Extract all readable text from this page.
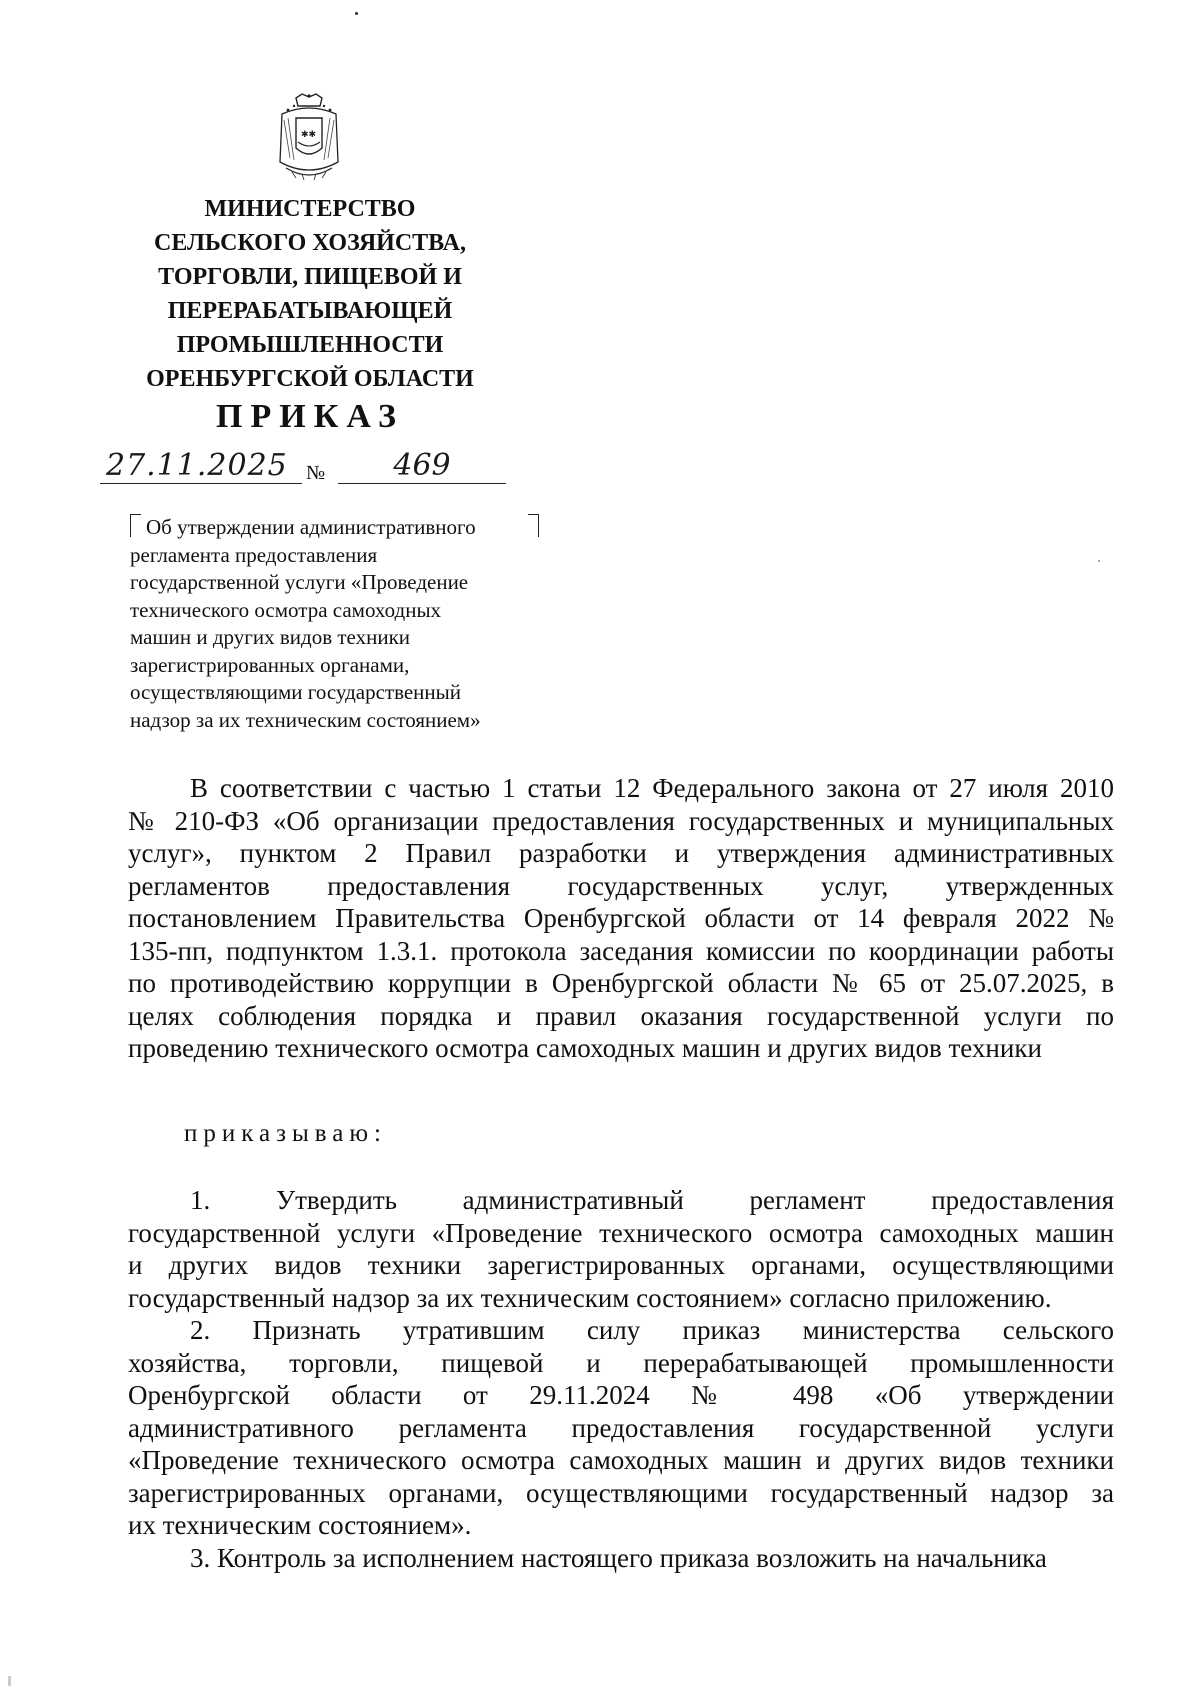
✱✱
МИНИСТЕРСТВО
СЕЛЬСКОГО ХОЗЯЙСТВА,
ТОРГОВЛИ, ПИЩЕВОЙ И
ПЕРЕРАБАТЫВАЮЩЕЙ
ПРОМЫШЛЕННОСТИ
ОРЕНБУРГСКОЙ ОБЛАСТИ
ПРИКАЗ
27.11.2025 №	469
Об утверждении административного
регламента предоставления
государственной услуги «Проведение
технического осмотра самоходных
машин и других видов техники
зарегистрированных органами,
осуществляющими государственный
надзор за их техническим состоянием»
В соответствии с частью 1 статьи 12 Федерального закона от 27 июля 2010
№ 210-ФЗ «Об организации предоставления государственных и муниципальных
услуг», пунктом 2 Правил разработки и утверждения административных
регламентов предоставления государственных услуг, утвержденных
постановлением Правительства Оренбургской области от 14 февраля 2022 №
135-пп, подпунктом 1.3.1. протокола заседания комиссии по координации работы
по противодействию коррупции в Оренбургской области № 65 от 25.07.2025, в
целях соблюдения порядка и правил оказания государственной услуги по
проведению технического осмотра самоходных машин и других видов техники
приказываю:
1. Утвердить административный регламент предоставления
государственной услуги «Проведение технического осмотра самоходных машин
и других видов техники зарегистрированных органами, осуществляющими
государственный надзор за их техническим состоянием» согласно приложению.
2. Признать утратившим силу приказ министерства сельского
хозяйства, торговли, пищевой и перерабатывающей промышленности
Оренбургской области от 29.11.2024 № 498 «Об утверждении
административного регламента предоставления государственной услуги
«Проведение технического осмотра самоходных машин и других видов техники
зарегистрированных органами, осуществляющими государственный надзор за
их техническим состоянием».
3. Контроль за исполнением настоящего приказа возложить на начальника
